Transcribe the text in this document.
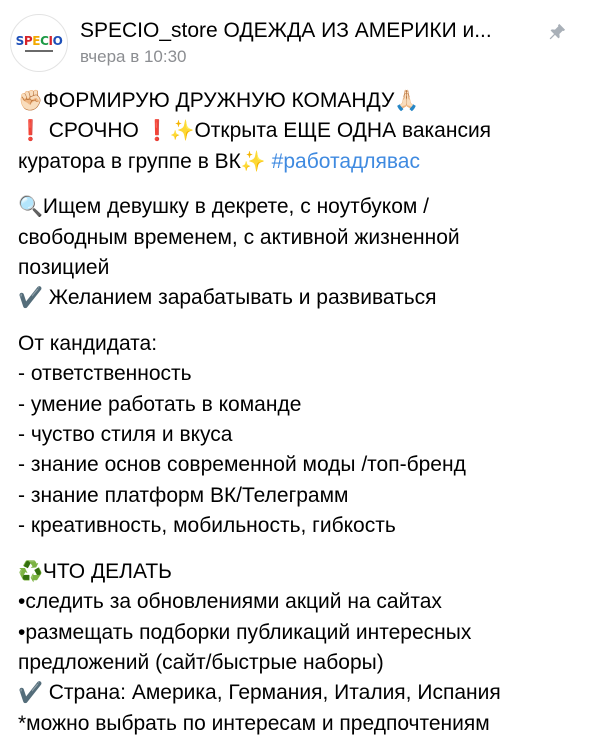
SPECIO SPECIO_store ОДЕЖДА ИЗ АМЕРИКИ и...
вчера в 10:30
✊🏻ФОРМИРУЮ ДРУЖНУЮ КОМАНДУ🙏🏻
❗ СРОЧНО ❗✨Открыта ЕЩЕ ОДНА вакансия
куратора в группе в ВК✨ #работадлявас
🔍Ищем девушку в декрете, с ноутбуком /
свободным временем, с активной жизненной
позицией
✔️ Желанием зарабатывать и развиваться
От кандидата:
- ответственность
- умение работать в команде
- чуство стиля и вкуса
- знание основ современной моды /топ-бренд
- знание платформ ВК/Телеграмм
- креативность, мобильность, гибкость
♻️ЧТО ДЕЛАТЬ
•следить за обновлениями акций на сайтах
•размещать подборки публикаций интересных
предложений (сайт/быстрые наборы)
✔️ Страна: Америка, Германия, Италия, Испания
*можно выбрать по интересам и предпочтениям
